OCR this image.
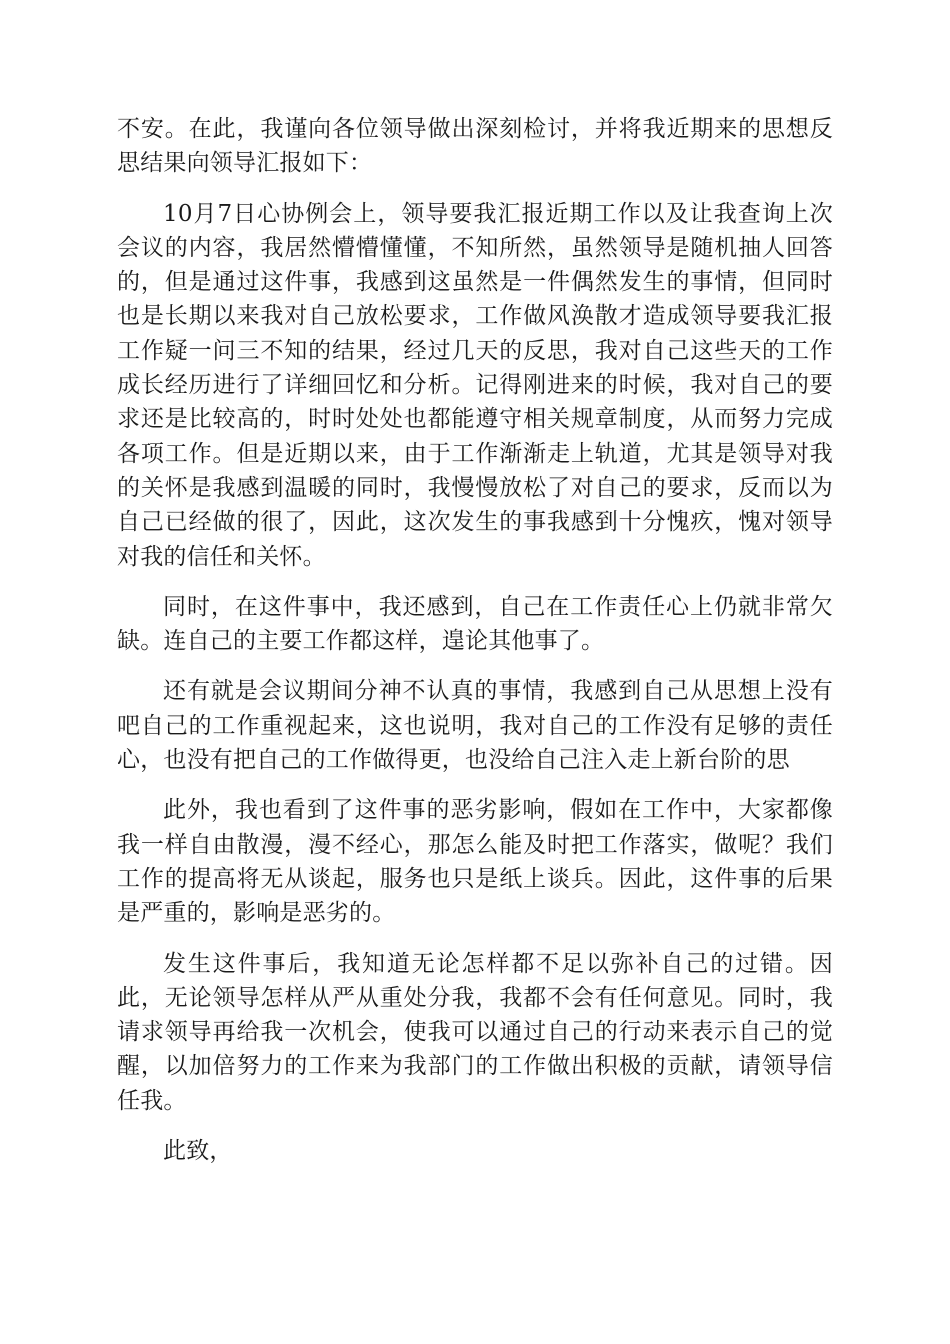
不安。在此，我谨向各位领导做出深刻检讨，并将我近期来的思想反思结果向领导汇报如下：

10月7日心协例会上，领导要我汇报近期工作以及让我查询上次会议的内容，我居然懵懵懂懂，不知所然，虽然领导是随机抽人回答的，但是通过这件事，我感到这虽然是一件偶然发生的事情，但同时也是长期以来我对自己放松要求，工作做风涣散才造成领导要我汇报工作疑一问三不知的结果，经过几天的反思，我对自己这些天的工作成长经历进行了详细回忆和分析。记得刚进来的时候，我对自己的要求还是比较高的，时时处处也都能遵守相关规章制度，从而努力完成各项工作。但是近期以来，由于工作渐渐走上轨道，尤其是领导对我的关怀是我感到温暖的同时，我慢慢放松了对自己的要求，反而以为自己已经做的很了，因此，这次发生的事我感到十分愧疚，愧对领导对我的信任和关怀。

同时，在这件事中，我还感到，自己在工作责任心上仍就非常欠缺。连自己的主要工作都这样，遑论其他事了。

还有就是会议期间分神不认真的事情，我感到自己从思想上没有吧自己的工作重视起来，这也说明，我对自己的工作没有足够的责任心，也没有把自己的工作做得更，也没给自己注入走上新台阶的思

此外，我也看到了这件事的恶劣影响，假如在工作中，大家都像我一样自由散漫，漫不经心，那怎么能及时把工作落实，做呢？我们工作的提高将无从谈起，服务也只是纸上谈兵。因此，这件事的后果是严重的，影响是恶劣的。

发生这件事后，我知道无论怎样都不足以弥补自己的过错。因此，无论领导怎样从严从重处分我，我都不会有任何意见。同时，我请求领导再给我一次机会，使我可以通过自己的行动来表示自己的觉醒，以加倍努力的工作来为我部门的工作做出积极的贡献，请领导信任我。

此致，
